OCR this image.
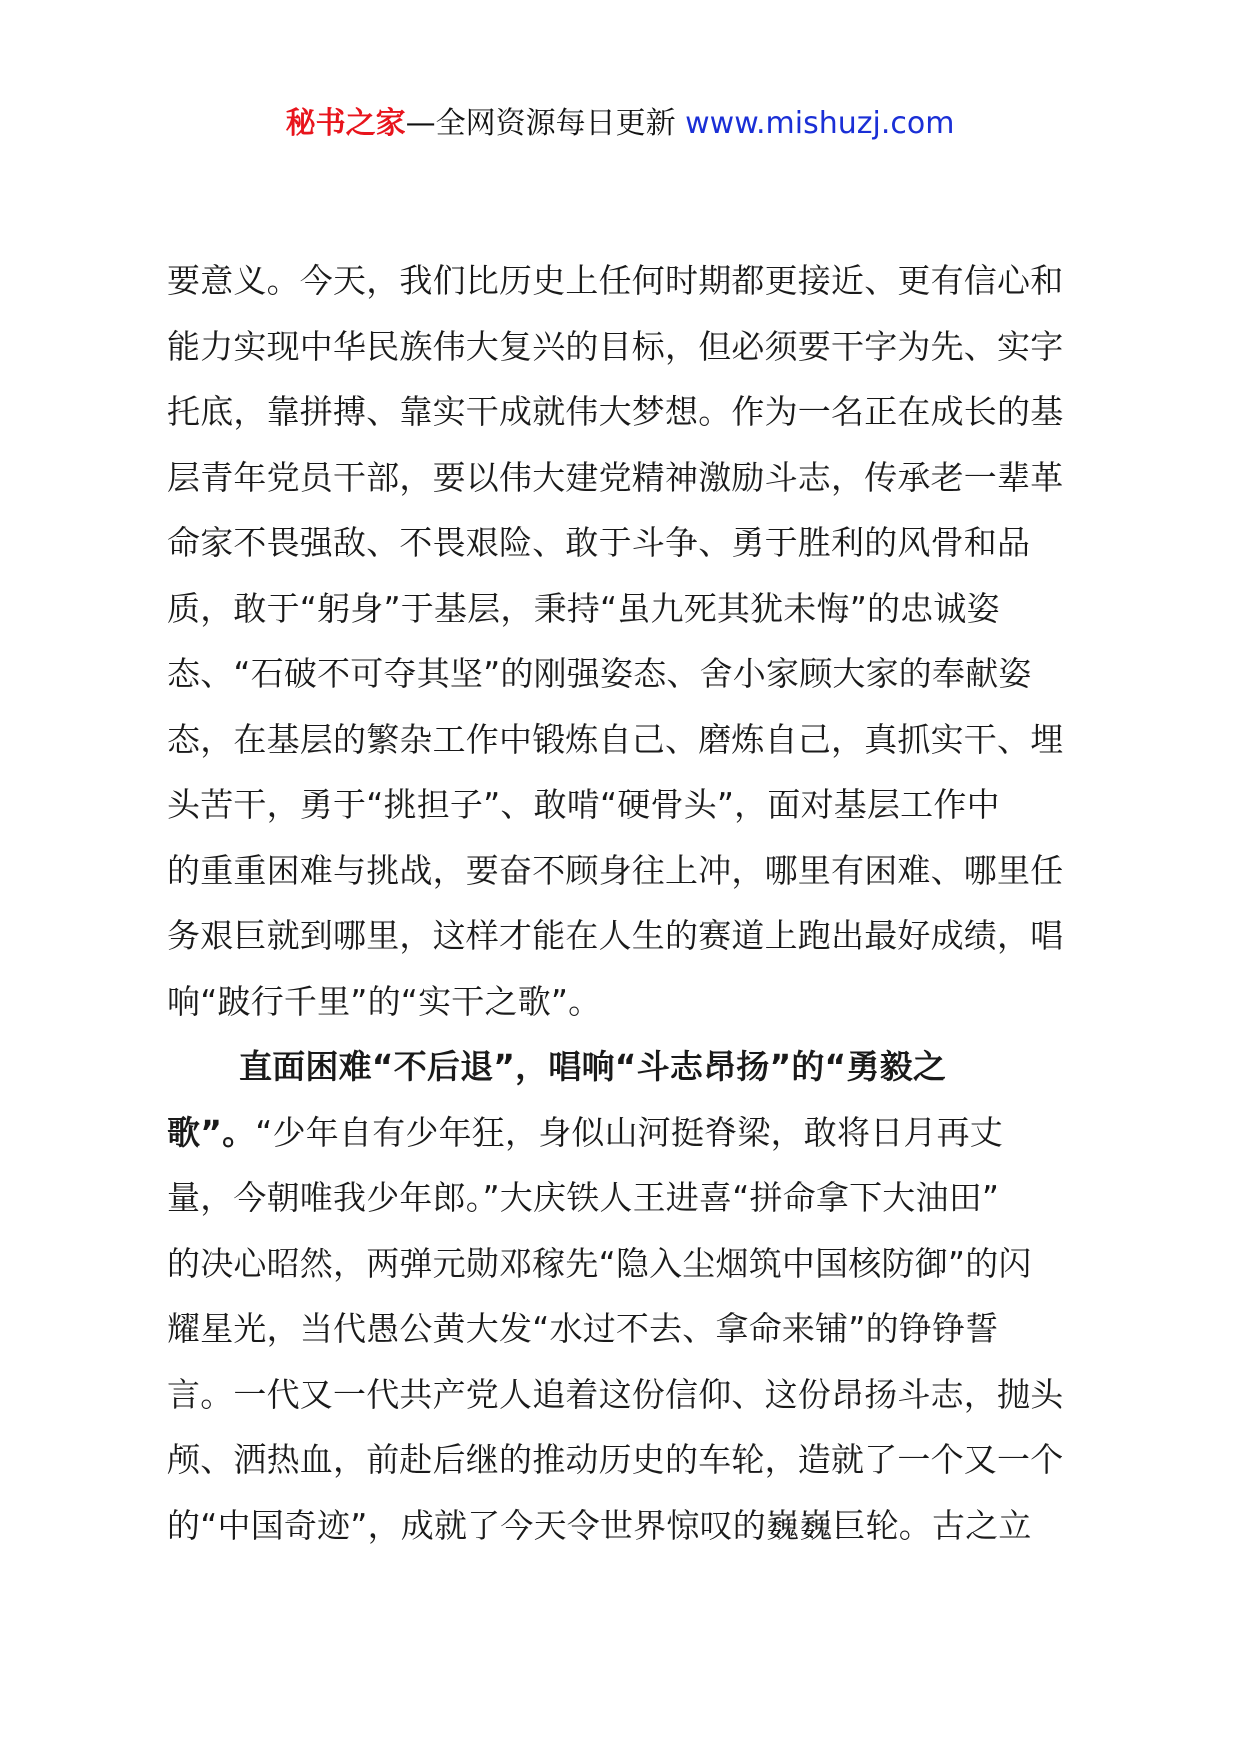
秘书之家—全网资源每日更新 www.mishuzj.com
要意义。今天，我们比历史上任何时期都更接近、更有信心和
能力实现中华民族伟大复兴的目标，但必须要干字为先、实字
托底，靠拼搏、靠实干成就伟大梦想。作为一名正在成长的基
层青年党员干部，要以伟大建党精神激励斗志，传承老一辈革
命家不畏强敌、不畏艰险、敢于斗争、勇于胜利的风骨和品
质，敢于“躬身”于基层，秉持“虽九死其犹未悔”的忠诚姿
态、“石破不可夺其坚”的刚强姿态、舍小家顾大家的奉献姿
态，在基层的繁杂工作中锻炼自己、磨炼自己，真抓实干、埋
头苦干，勇于“挑担子”、敢啃“硬骨头”，面对基层工作中
的重重困难与挑战，要奋不顾身往上冲，哪里有困难、哪里任
务艰巨就到哪里，这样才能在人生的赛道上跑出最好成绩，唱
响“跛行千里”的“实干之歌”。
直面困难“不后退”，唱响“斗志昂扬”的“勇毅之
歌”。“少年自有少年狂，身似山河挺脊梁，敢将日月再丈
量，今朝唯我少年郎。”大庆铁人王进喜“拼命拿下大油田”
的决心昭然，两弹元勋邓稼先“隐入尘烟筑中国核防御”的闪
耀星光，当代愚公黄大发“水过不去、拿命来铺”的铮铮誓
言。一代又一代共产党人追着这份信仰、这份昂扬斗志，抛头
颅、洒热血，前赴后继的推动历史的车轮，造就了一个又一个
的“中国奇迹”，成就了今天令世界惊叹的巍巍巨轮。古之立
